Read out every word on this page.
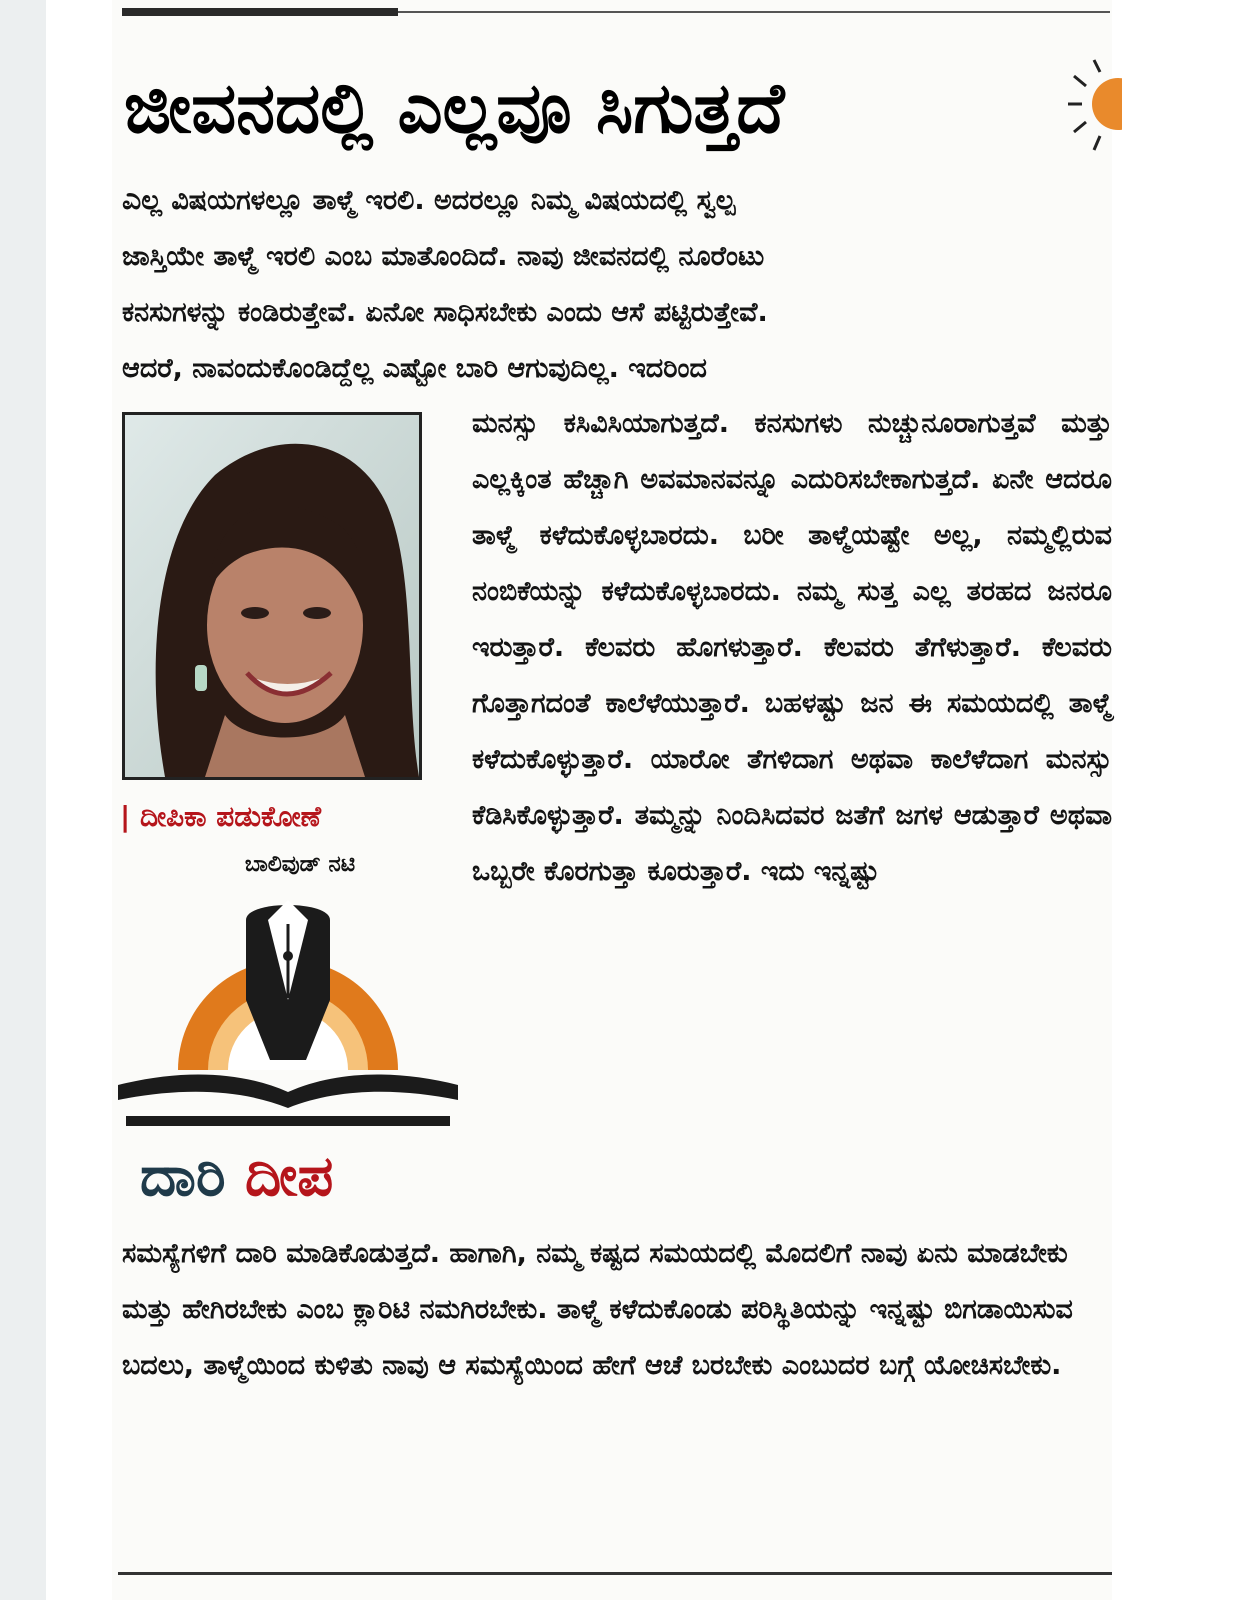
ಜೀವನದಲ್ಲಿ ಎಲ್ಲವೂ ಸಿಗುತ್ತದೆ

ಎಲ್ಲ ವಿಷಯಗಳಲ್ಲೂ ತಾಳ್ಮೆ ಇರಲಿ. ಅದರಲ್ಲೂ ನಿಮ್ಮ ವಿಷಯದಲ್ಲಿ ಸ್ವಲ್ಪ

ಜಾಸ್ತಿಯೇ ತಾಳ್ಮೆ ಇರಲಿ ಎಂಬ ಮಾತೊಂದಿದೆ. ನಾವು ಜೀವನದಲ್ಲಿ ನೂರೆಂಟು

ಕನಸುಗಳನ್ನು ಕಂಡಿರುತ್ತೇವೆ. ಏನೋ ಸಾಧಿಸಬೇಕು ಎಂದು ಆಸೆ ಪಟ್ಟಿರುತ್ತೇವೆ.

ಆದರೆ, ನಾವಂದುಕೊಂಡಿದ್ದೆಲ್ಲ ಎಷ್ಟೋ ಬಾರಿ ಆಗುವುದಿಲ್ಲ. ಇದರಿಂದ

| ದೀಪಿಕಾ ಪಡುಕೋಣೆ
ಬಾಲಿವುಡ್ ನಟಿ
ದಾರಿ ದೀಪ

ಮನಸ್ಸು ಕಸಿವಿಸಿಯಾಗುತ್ತದೆ. ಕನಸುಗಳು ನುಚ್ಚುನೂರಾಗುತ್ತವೆ ಮತ್ತು ಎಲ್ಲಕ್ಕಿಂತ ಹೆಚ್ಚಾಗಿ ಅವಮಾನವನ್ನೂ ಎದುರಿಸಬೇಕಾಗುತ್ತದೆ. ಏನೇ ಆದರೂ ತಾಳ್ಮೆ ಕಳೆದುಕೊಳ್ಳಬಾರದು. ಬರೀ ತಾಳ್ಮೆಯಷ್ಟೇ ಅಲ್ಲ, ನಮ್ಮಲ್ಲಿರುವ ನಂಬಿಕೆಯನ್ನು ಕಳೆದುಕೊಳ್ಳಬಾರದು. ನಮ್ಮ ಸುತ್ತ ಎಲ್ಲ ತರಹದ ಜನರೂ ಇರುತ್ತಾರೆ. ಕೆಲವರು ಹೊಗಳುತ್ತಾರೆ. ಕೆಲವರು ತೆಗೆಳುತ್ತಾರೆ. ಕೆಲವರು ಗೊತ್ತಾಗದಂತೆ ಕಾಲೆಳೆಯುತ್ತಾರೆ. ಬಹಳಷ್ಟು ಜನ ಈ ಸಮಯದಲ್ಲಿ ತಾಳ್ಮೆ ಕಳೆದುಕೊಳ್ಳುತ್ತಾರೆ. ಯಾರೋ ತೆಗಳಿದಾಗ ಅಥವಾ ಕಾಲೆಳೆದಾಗ ಮನಸ್ಸು ಕೆಡಿಸಿಕೊಳ್ಳುತ್ತಾರೆ. ತಮ್ಮನ್ನು ನಿಂದಿಸಿದವರ ಜತೆಗೆ ಜಗಳ ಆಡುತ್ತಾರೆ ಅಥವಾ ಒಬ್ಬರೇ ಕೊರಗುತ್ತಾ ಕೂರುತ್ತಾರೆ. ಇದು ಇನ್ನಷ್ಟು

ಸಮಸ್ಯೆಗಳಿಗೆ ದಾರಿ ಮಾಡಿಕೊಡುತ್ತದೆ. ಹಾಗಾಗಿ, ನಮ್ಮ ಕಷ್ಟದ ಸಮಯದಲ್ಲಿ ಮೊದಲಿಗೆ ನಾವು ಏನು ಮಾಡಬೇಕು ಮತ್ತು ಹೇಗಿರಬೇಕು ಎಂಬ ಕ್ಲಾರಿಟಿ ನಮಗಿರಬೇಕು. ತಾಳ್ಮೆ ಕಳೆದುಕೊಂಡು ಪರಿಸ್ಥಿತಿಯನ್ನು ಇನ್ನಷ್ಟು ಬಿಗಡಾಯಿಸುವ ಬದಲು, ತಾಳ್ಮೆಯಿಂದ ಕುಳಿತು ನಾವು ಆ ಸಮಸ್ಯೆಯಿಂದ ಹೇಗೆ ಆಚೆ ಬರಬೇಕು ಎಂಬುದರ ಬಗ್ಗೆ ಯೋಚಿಸಬೇಕು.
